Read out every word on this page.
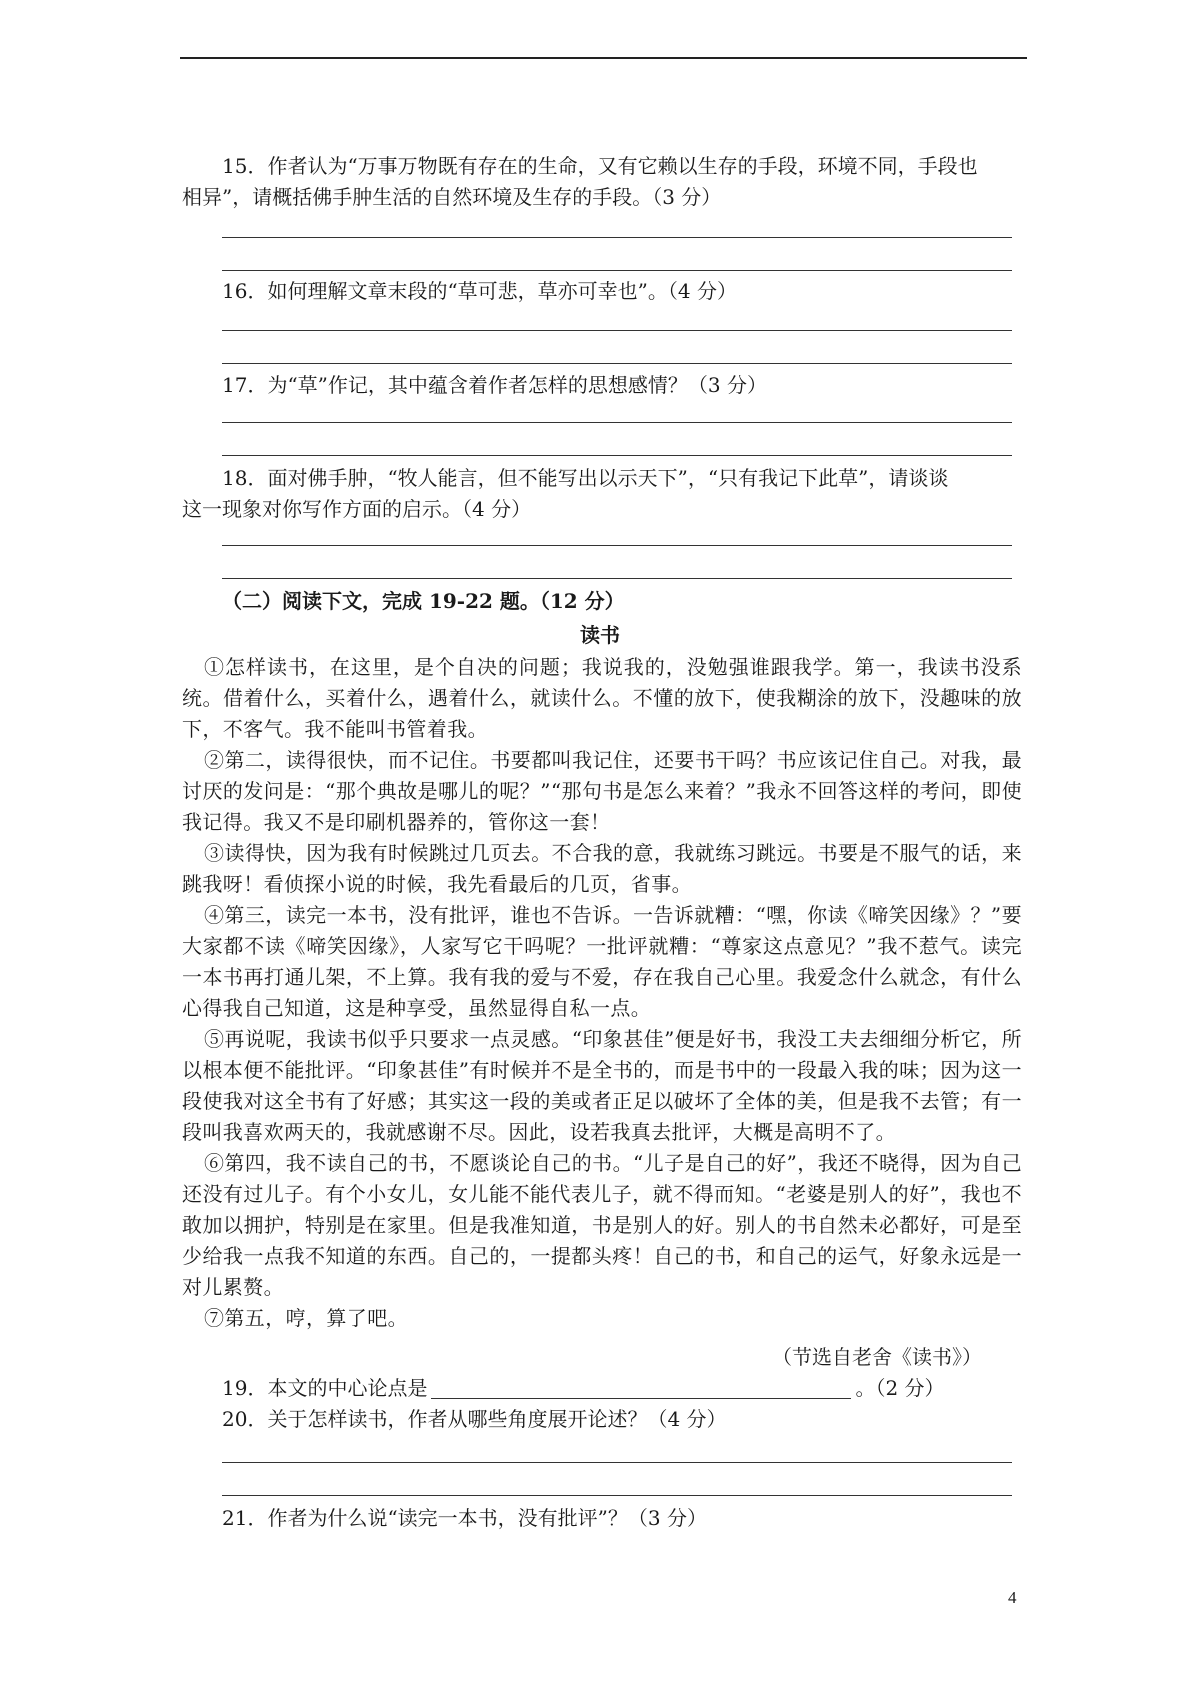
15．作者认为“万事万物既有存在的生命，又有它赖以生存的手段，环境不同，手段也
相异”，请概括佛手肿生活的自然环境及生存的手段。（3 分）
16．如何理解文章末段的“草可悲，草亦可幸也”。（4 分）
17．为“草”作记，其中蕴含着作者怎样的思想感情？（3 分）
18．面对佛手肿，“牧人能言，但不能写出以示天下”，“只有我记下此草”，请谈谈
这一现象对你写作方面的启示。（4 分）
（二）阅读下文，完成 19-22 题。（12 分）
读书

①怎样读书，在这里，是个自决的问题；我说我的，没勉强谁跟我学。第一，我读书没系统。借着什么，买着什么，遇着什么，就读什么。不懂的放下，使我糊涂的放下，没趣味的放下，不客气。我不能叫书管着我。

②第二，读得很快，而不记住。书要都叫我记住，还要书干吗？书应该记住自己。对我，最讨厌的发问是：“那个典故是哪儿的呢？”“那句书是怎么来着？”我永不回答这样的考问，即使我记得。我又不是印刷机器养的，管你这一套！

③读得快，因为我有时候跳过几页去。不合我的意，我就练习跳远。书要是不服气的话，来跳我呀！看侦探小说的时候，我先看最后的几页，省事。

④第三，读完一本书，没有批评，谁也不告诉。一告诉就糟：“嘿，你读《啼笑因缘》？”要大家都不读《啼笑因缘》，人家写它干吗呢？一批评就糟：“尊家这点意见？”我不惹气。读完一本书再打通儿架，不上算。我有我的爱与不爱，存在我自己心里。我爱念什么就念，有什么心得我自己知道，这是种享受，虽然显得自私一点。

⑤再说呢，我读书似乎只要求一点灵感。“印象甚佳”便是好书，我没工夫去细细分析它，所以根本便不能批评。“印象甚佳”有时候并不是全书的，而是书中的一段最入我的味；因为这一段使我对这全书有了好感；其实这一段的美或者正足以破坏了全体的美，但是我不去管；有一段叫我喜欢两天的，我就感谢不尽。因此，设若我真去批评，大概是高明不了。

⑥第四，我不读自己的书，不愿谈论自己的书。“儿子是自己的好”，我还不晓得，因为自己还没有过儿子。有个小女儿，女儿能不能代表儿子，就不得而知。“老婆是别人的好”，我也不敢加以拥护，特别是在家里。但是我准知道，书是别人的好。别人的书自然未必都好，可是至少给我一点我不知道的东西。自己的，一提都头疼！自己的书，和自己的运气，好象永远是一对儿累赘。

⑦第五，哼，算了吧。

（节选自老舍《读书》）
19．本文的中心论点是	。（2 分）
20．关于怎样读书，作者从哪些角度展开论述？（4 分）
21．作者为什么说“读完一本书，没有批评”？（3 分）
4
